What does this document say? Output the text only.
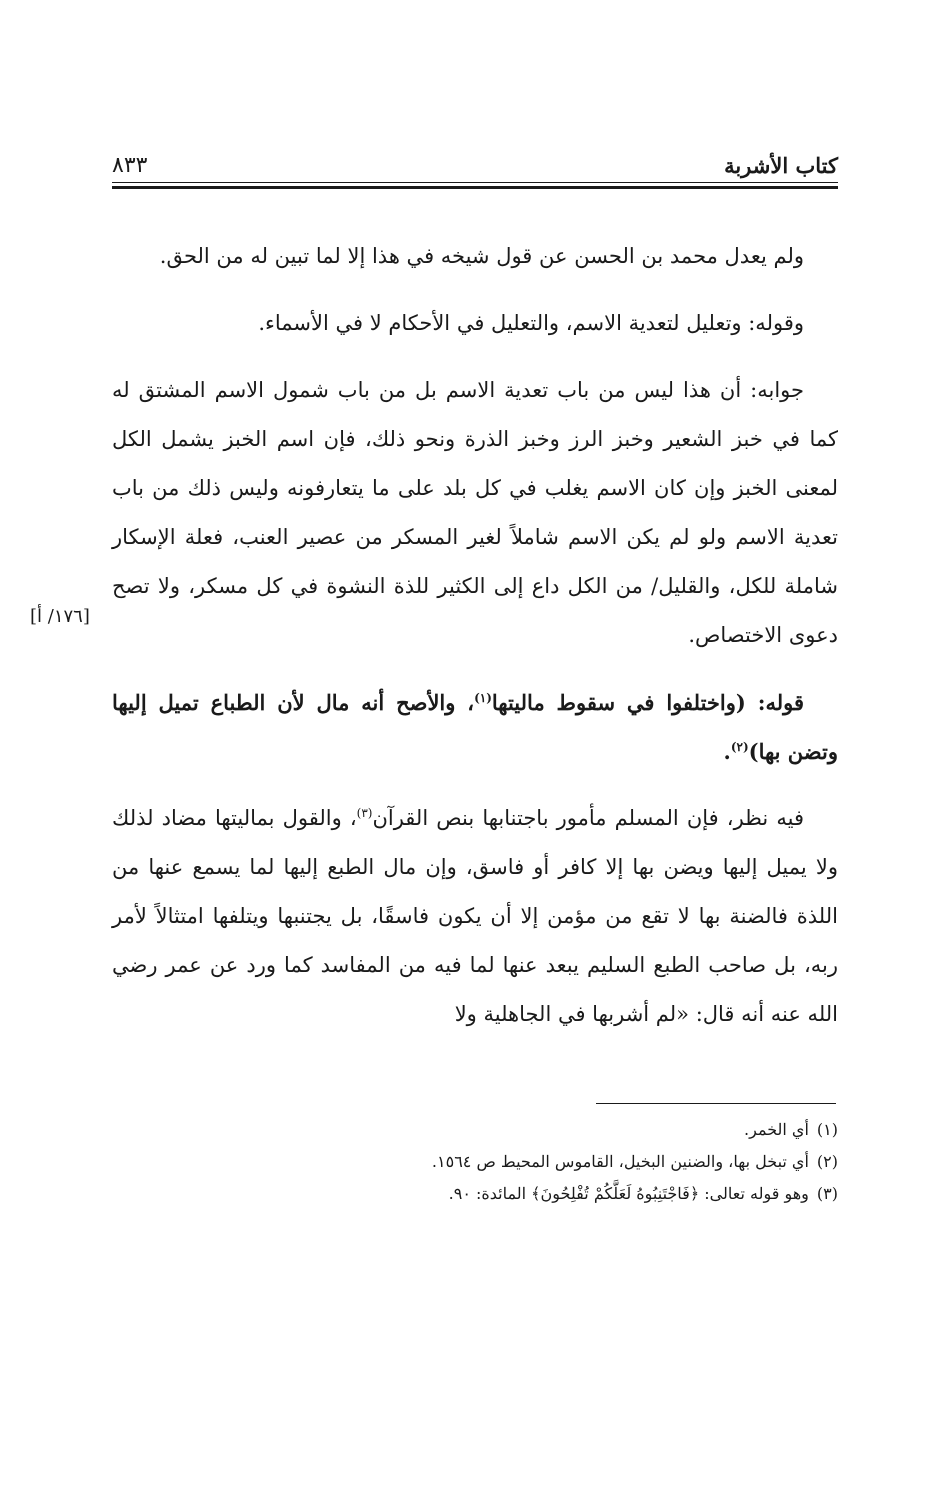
كتاب الأشربة
٨٣٣

ولم يعدل محمد بن الحسن عن قول شيخه في هذا إلا لما تبين له من الحق.

وقوله: وتعليل لتعدية الاسم، والتعليل في الأحكام لا في الأسماء.

جوابه: أن هذا ليس من باب تعدية الاسم بل من باب شمول الاسم المشتق له كما في خبز الشعير وخبز الرز وخبز الذرة ونحو ذلك، فإن اسم الخبز يشمل الكل لمعنى الخبز وإن كان الاسم يغلب في كل بلد على ما يتعارفونه وليس ذلك من باب تعدية الاسم ولو لم يكن الاسم شاملاً لغير المسكر من عصير العنب، فعلة الإسكار شاملة للكل، والقليل/ من الكل داع إلى الكثير للذة النشوة في كل مسكر، ولا تصح دعوى الاختصاص.

قوله: (واختلفوا في سقوط ماليتها$^{(١)}$، والأصح أنه مال لأن الطباع تميل إليها وتضن بها)$^{(٢)}$.

فيه نظر، فإن المسلم مأمور باجتنابها بنص القرآن$^{(٣)}$، والقول بماليتها مضاد لذلك ولا يميل إليها ويضن بها إلا كافر أو فاسق، وإن مال الطبع إليها لما يسمع عنها من اللذة فالضنة بها لا تقع من مؤمن إلا أن يكون فاسقًا، بل يجتنبها ويتلفها امتثالاً لأمر ربه، بل صاحب الطبع السليم يبعد عنها لما فيه من المفاسد كما ورد عن عمر رضي الله عنه أنه قال: «لم أشربها في الجاهلية ولا

[١٧٦/ أ]
(١)أي الخمر.
(٢)أي تبخل بها، والضنين البخيل، القاموس المحيط ص ١٥٦٤.
(٣)وهو قوله تعالى: ﴿فَاجْتَنِبُوهُ لَعَلَّكُمْ تُفْلِحُونَ﴾ المائدة: ٩٠.
